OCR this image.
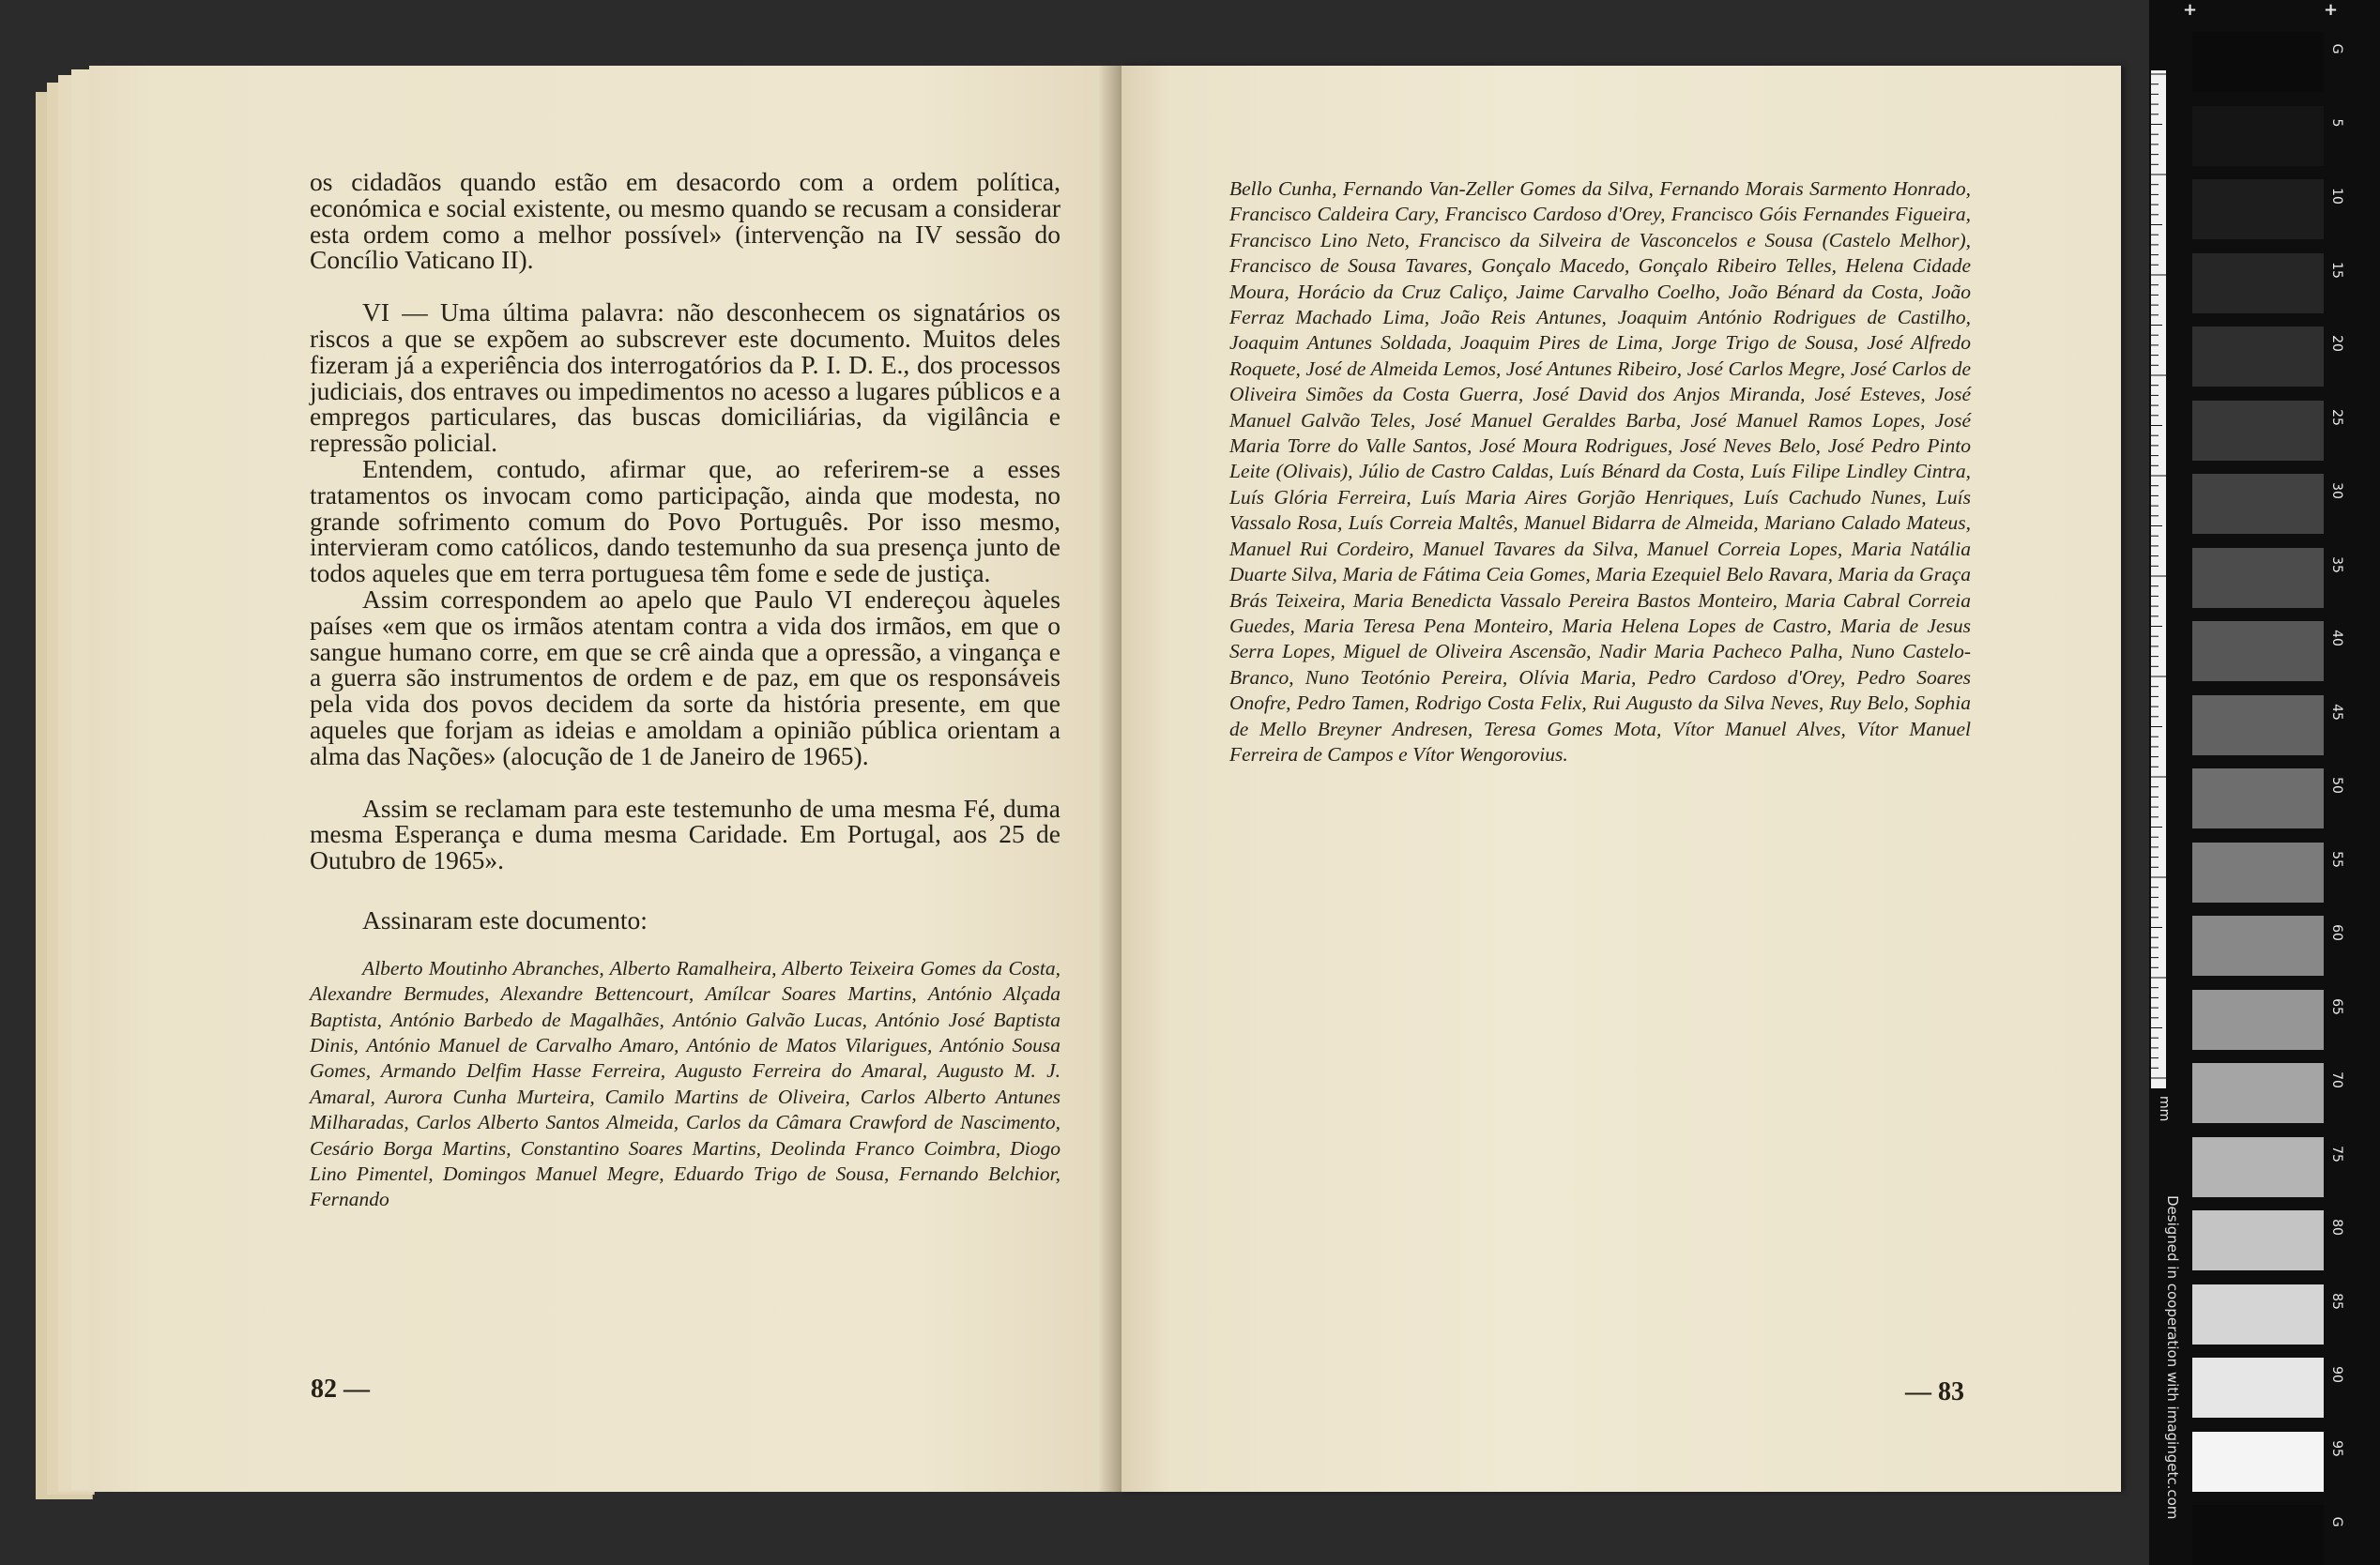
os cidadãos quando estão em desacordo com a ordem política, económica e social existente, ou mesmo quando se recusam a considerar esta ordem como a melhor possível» (intervenção na IV sessão do Concílio Vaticano II).

VI — Uma última palavra: não desconhecem os signatários os riscos a que se expõem ao subscrever este documento. Muitos deles fizeram já a experiência dos interrogatórios da P. I. D. E., dos processos judiciais, dos entraves ou impedimentos no acesso a lugares públicos e a empregos particulares, das buscas domiciliárias, da vigilância e repressão policial.

Entendem, contudo, afirmar que, ao referirem-se a esses tratamentos os invocam como participação, ainda que modesta, no grande sofrimento comum do Povo Português. Por isso mesmo, intervieram como católicos, dando testemunho da sua presença junto de todos aqueles que em terra portuguesa têm fome e sede de justiça.

Assim correspondem ao apelo que Paulo VI endereçou àqueles países «em que os irmãos atentam contra a vida dos irmãos, em que o sangue humano corre, em que se crê ainda que a opressão, a vingança e a guerra são instrumentos de ordem e de paz, em que os responsáveis pela vida dos povos decidem da sorte da história presente, em que aqueles que forjam as ideias e amoldam a opinião pública orientam a alma das Nações» (alocução de 1 de Janeiro de 1965).

Assim se reclamam para este testemunho de uma mesma Fé, duma mesma Esperança e duma mesma Caridade. Em Portugal, aos 25 de Outubro de 1965».

Assinaram este documento:

Alberto Moutinho Abranches, Alberto Ramalheira, Alberto Teixeira Gomes da Costa, Alexandre Bermudes, Alexandre Bettencourt, Amílcar Soares Martins, António Alçada Baptista, António Barbedo de Magalhães, António Galvão Lucas, António José Baptista Dinis, António Manuel de Carvalho Amaro, António de Matos Vilarigues, António Sousa Gomes, Armando Delfim Hasse Ferreira, Augusto Ferreira do Amaral, Augusto M. J. Amaral, Aurora Cunha Murteira, Camilo Martins de Oliveira, Carlos Alberto Antunes Milharadas, Carlos Alberto Santos Almeida, Carlos da Câmara Crawford de Nascimento, Cesário Borga Martins, Constantino Soares Martins, Deolinda Franco Coimbra, Diogo Lino Pimentel, Domingos Manuel Megre, Eduardo Trigo de Sousa, Fernando Belchior, Fernando

82 —

Bello Cunha, Fernando Van-Zeller Gomes da Silva, Fernando Morais Sarmento Honrado, Francisco Caldeira Cary, Francisco Cardoso d'Orey, Francisco Góis Fernandes Figueira, Francisco Lino Neto, Francisco da Silveira de Vasconcelos e Sousa (Castelo Melhor), Francisco de Sousa Tavares, Gonçalo Macedo, Gonçalo Ribeiro Telles, Helena Cidade Moura, Horácio da Cruz Caliço, Jaime Carvalho Coelho, João Bénard da Costa, João Ferraz Machado Lima, João Reis Antunes, Joaquim António Rodrigues de Castilho, Joaquim Antunes Soldada, Joaquim Pires de Lima, Jorge Trigo de Sousa, José Alfredo Roquete, José de Almeida Lemos, José Antunes Ribeiro, José Carlos Megre, José Carlos de Oliveira Simões da Costa Guerra, José David dos Anjos Miranda, José Esteves, José Manuel Galvão Teles, José Manuel Geraldes Barba, José Manuel Ramos Lopes, José Maria Torre do Valle Santos, José Moura Rodrigues, José Neves Belo, José Pedro Pinto Leite (Olivais), Júlio de Castro Caldas, Luís Bénard da Costa, Luís Filipe Lindley Cintra, Luís Glória Ferreira, Luís Maria Aires Gorjão Henriques, Luís Cachudo Nunes, Luís Vassalo Rosa, Luís Correia Maltês, Manuel Bidarra de Almeida, Mariano Calado Mateus, Manuel Rui Cordeiro, Manuel Tavares da Silva, Manuel Correia Lopes, Maria Natália Duarte Silva, Maria de Fátima Ceia Gomes, Maria Ezequiel Belo Ravara, Maria da Graça Brás Teixeira, Maria Benedicta Vassalo Pereira Bastos Monteiro, Maria Cabral Correia Guedes, Maria Teresa Pena Monteiro, Maria Helena Lopes de Castro, Maria de Jesus Serra Lopes, Miguel de Oliveira Ascensão, Nadir Maria Pacheco Palha, Nuno Castelo-Branco, Nuno Teotónio Pereira, Olívia Maria, Pedro Cardoso d'Orey, Pedro Soares Onofre, Pedro Tamen, Rodrigo Costa Felix, Rui Augusto da Silva Neves, Ruy Belo, Sophia de Mello Breyner Andresen, Teresa Gomes Mota, Vítor Manuel Alves, Vítor Manuel Ferreira de Campos e Vítor Wengorovius.

— 83
+	+
G
5
10
15
20
25
30
35
40
45
50
55
60
65
70
75
80
85
90
95
G
mm
Designed in cooperation with imagingetc.com
